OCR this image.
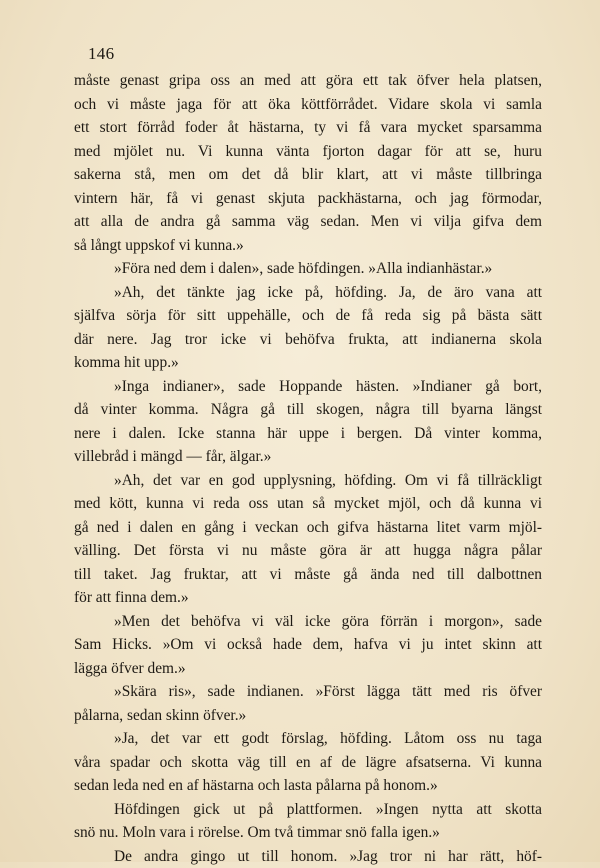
146
måste genast gripa oss an med att göra ett tak öfver hela platsen,
och vi måste jaga för att öka köttförrådet. Vidare skola vi samla
ett stort förråd foder åt hästarna, ty vi få vara mycket sparsamma
med mjölet nu. Vi kunna vänta fjorton dagar för att se, huru
sakerna stå, men om det då blir klart, att vi måste tillbringa
vintern här, få vi genast skjuta packhästarna, och jag förmodar,
att alla de andra gå samma väg sedan. Men vi vilja gifva dem
så långt uppskof vi kunna.»
»Föra ned dem i dalen», sade höfdingen. »Alla indianhästar.»
»Ah, det tänkte jag icke på, höfding. Ja, de äro vana att
själfva sörja för sitt uppehälle, och de få reda sig på bästa sätt
där nere. Jag tror icke vi behöfva frukta, att indianerna skola
komma hit upp.»
»Inga indianer», sade Hoppande hästen. »Indianer gå bort,
då vinter komma. Några gå till skogen, några till byarna längst
nere i dalen. Icke stanna här uppe i bergen. Då vinter komma,
villebråd i mängd — får, älgar.»
»Ah, det var en god upplysning, höfding. Om vi få tillräckligt
med kött, kunna vi reda oss utan så mycket mjöl, och då kunna vi
gå ned i dalen en gång i veckan och gifva hästarna litet varm mjöl-
välling. Det första vi nu måste göra är att hugga några pålar
till taket. Jag fruktar, att vi måste gå ända ned till dalbottnen
för att finna dem.»
»Men det behöfva vi väl icke göra förrän i morgon», sade
Sam Hicks. »Om vi också hade dem, hafva vi ju intet skinn att
lägga öfver dem.»
»Skära ris», sade indianen. »Först lägga tätt med ris öfver
pålarna, sedan skinn öfver.»
»Ja, det var ett godt förslag, höfding. Låtom oss nu taga
våra spadar och skotta väg till en af de lägre afsatserna. Vi kunna
sedan leda ned en af hästarna och lasta pålarna på honom.»
Höfdingen gick ut på plattformen. »Ingen nytta att skotta
snö nu. Moln vara i rörelse. Om två timmar snö falla igen.»
De andra gingo ut till honom. »Jag tror ni har rätt, höf-
